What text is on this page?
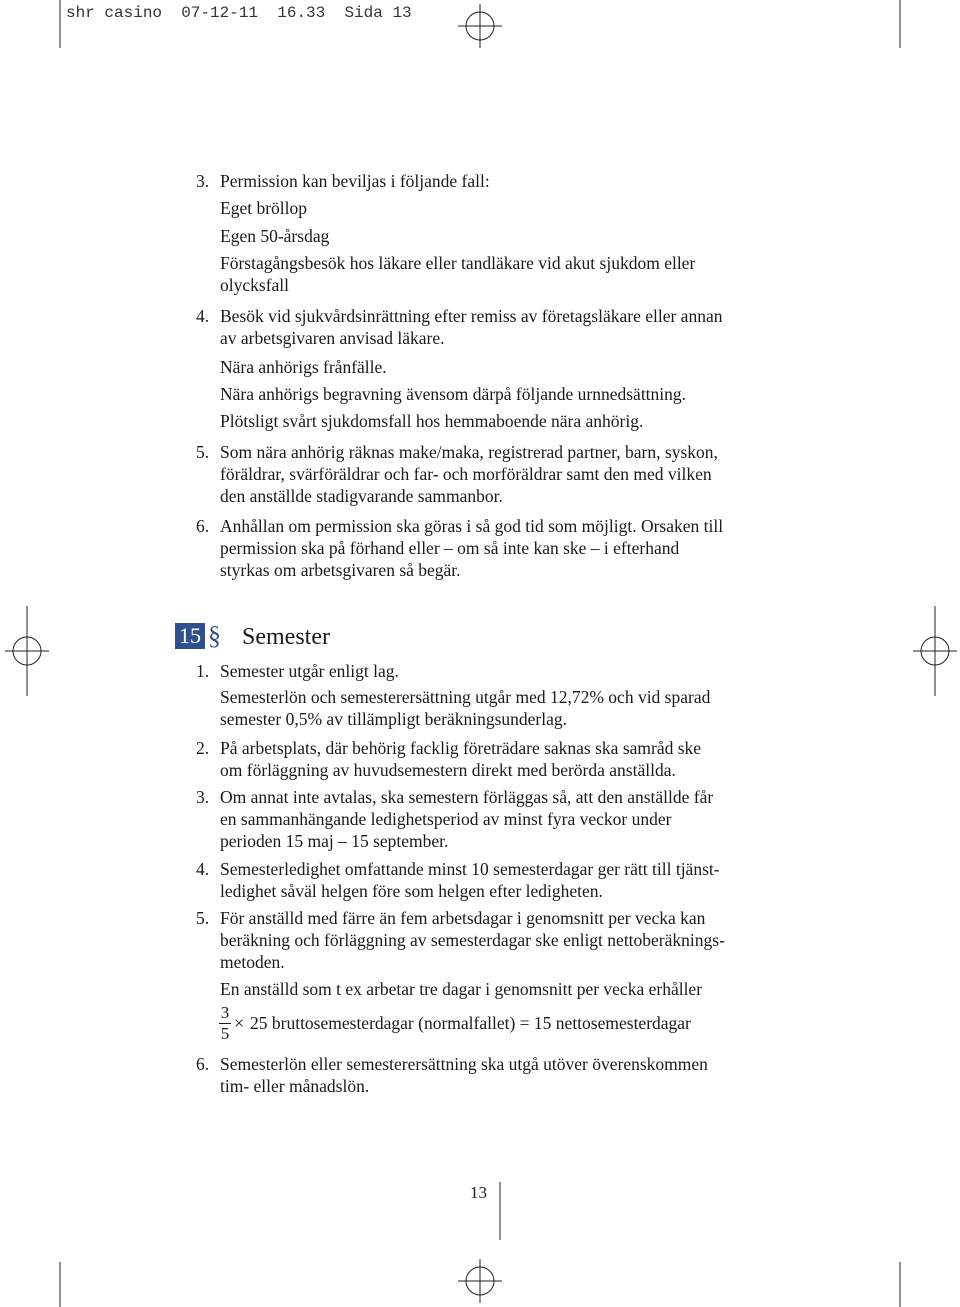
shr casino  07-12-11  16.33  Sida 13
3. Permission kan beviljas i följande fall:
Eget bröllop
Egen 50-årsdag
Förstagångsbesök hos läkare eller tandläkare vid akut sjukdom eller
olycksfall
4. Besök vid sjukvårdsinrättning efter remiss av företagsläkare eller annan
av arbetsgivaren anvisad läkare.
Nära anhörigs frånfälle.
Nära anhörigs begravning ävensom därpå följande urnnedsättning.
Plötsligt svårt sjukdomsfall hos hemmaboende nära anhörig.
5. Som nära anhörig räknas make/maka, registrerad partner, barn, syskon,
föräldrar, svärföräldrar och far- och morföräldrar samt den med vilken
den anställde stadigvarande sammanbor.
6. Anhållan om permission ska göras i så god tid som möjligt. Orsaken till
permission ska på förhand eller – om så inte kan ske – i efterhand
styrkas om arbetsgivaren så begär.
15 § Semester
1. Semester utgår enligt lag.
Semesterlön och semesterersättning utgår med 12,72% och vid sparad
semester 0,5% av tillämpligt beräkningsunderlag.
2. På arbetsplats, där behörig facklig företrädare saknas ska samråd ske
om förläggning av huvudsemestern direkt med berörda anställda.
3. Om annat inte avtalas, ska semestern förläggas så, att den anställde får
en sammanhängande ledighetsperiod av minst fyra veckor under
perioden 15 maj – 15 september.
4. Semesterledighet omfattande minst 10 semesterdagar ger rätt till tjänst-
ledighet såväl helgen före som helgen efter ledigheten.
5. För anställd med färre än fem arbetsdagar i genomsnitt per vecka kan
beräkning och förläggning av semesterdagar ske enligt nettoberäknings-
metoden.
En anställd som t ex arbetar tre dagar i genomsnitt per vecka erhåller
3
5
× 25 bruttosemesterdagar (normalfallet) = 15 nettosemesterdagar
6. Semesterlön eller semesterersättning ska utgå utöver överenskommen
tim- eller månadslön.
13
